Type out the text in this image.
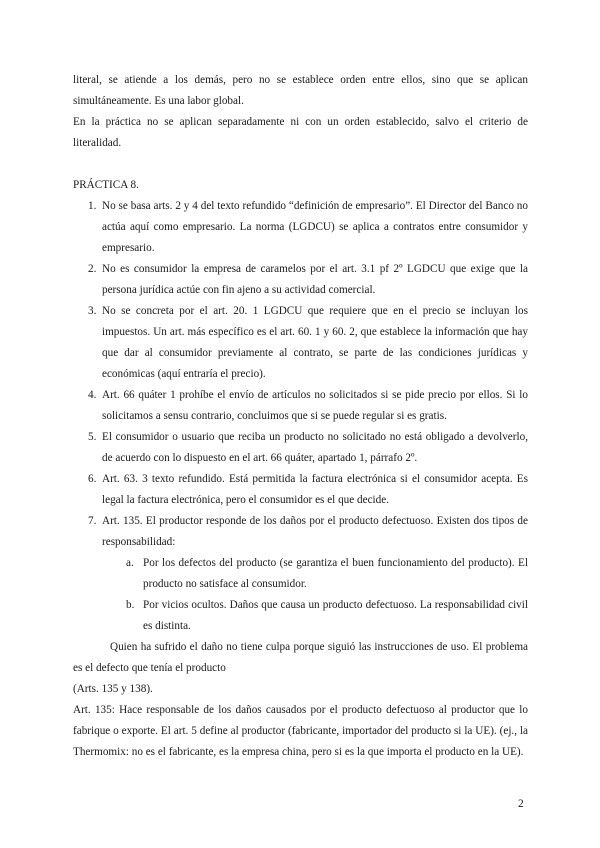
literal, se atiende a los demás, pero no se establece orden entre ellos, sino que se aplican simultáneamente. Es una labor global.

En la práctica no se aplican separadamente ni con un orden establecido, salvo el criterio de literalidad.

PRÁCTICA 8.

1. No se basa arts. 2 y 4 del texto refundido “definición de empresario”. El Director del Banco no actúa aquí como empresario. La norma (LGDCU) se aplica a contratos entre consumidor y empresario.
2. No es consumidor la empresa de caramelos por el art. 3.1 pf 2º LGDCU que exige que la persona jurídica actúe con fin ajeno a su actividad comercial.
3. No se concreta por el art. 20. 1 LGDCU que requiere que en el precio se incluyan los impuestos. Un art. más específico es el art. 60. 1 y 60. 2, que establece la información que hay que dar al consumidor previamente al contrato, se parte de las condiciones jurídicas y económicas (aquí entraría el precio).
4. Art. 66 quáter 1 prohíbe el envío de artículos no solicitados si se pide precio por ellos. Si lo solicitamos a sensu contrario, concluimos que si se puede regular si es gratis.
5. El consumidor o usuario que reciba un producto no solicitado no está obligado a devolverlo, de acuerdo con lo dispuesto en el art. 66 quáter, apartado 1, párrafo 2º.
6. Art. 63. 3 texto refundido. Está permitida la factura electrónica si el consumidor acepta. Es legal la factura electrónica, pero el consumidor es el que decide.
7. Art. 135. El productor responde de los daños por el producto defectuoso. Existen dos tipos de responsabilidad:
a. Por los defectos del producto (se garantiza el buen funcionamiento del producto). El producto no satisface al consumidor.
b. Por vicios ocultos. Daños que causa un producto defectuoso. La responsabilidad civil es distinta.

Quien ha sufrido el daño no tiene culpa porque siguió las instrucciones de uso. El problema es el defecto que tenía el producto

(Arts. 135 y 138).

Art. 135: Hace responsable de los daños causados por el producto defectuoso al productor que lo fabrique o exporte. El art. 5 define al productor (fabricante, importador del producto si la UE). (ej., la Thermomix: no es el fabricante, es la empresa china, pero si es la que importa el producto en la UE).

2
